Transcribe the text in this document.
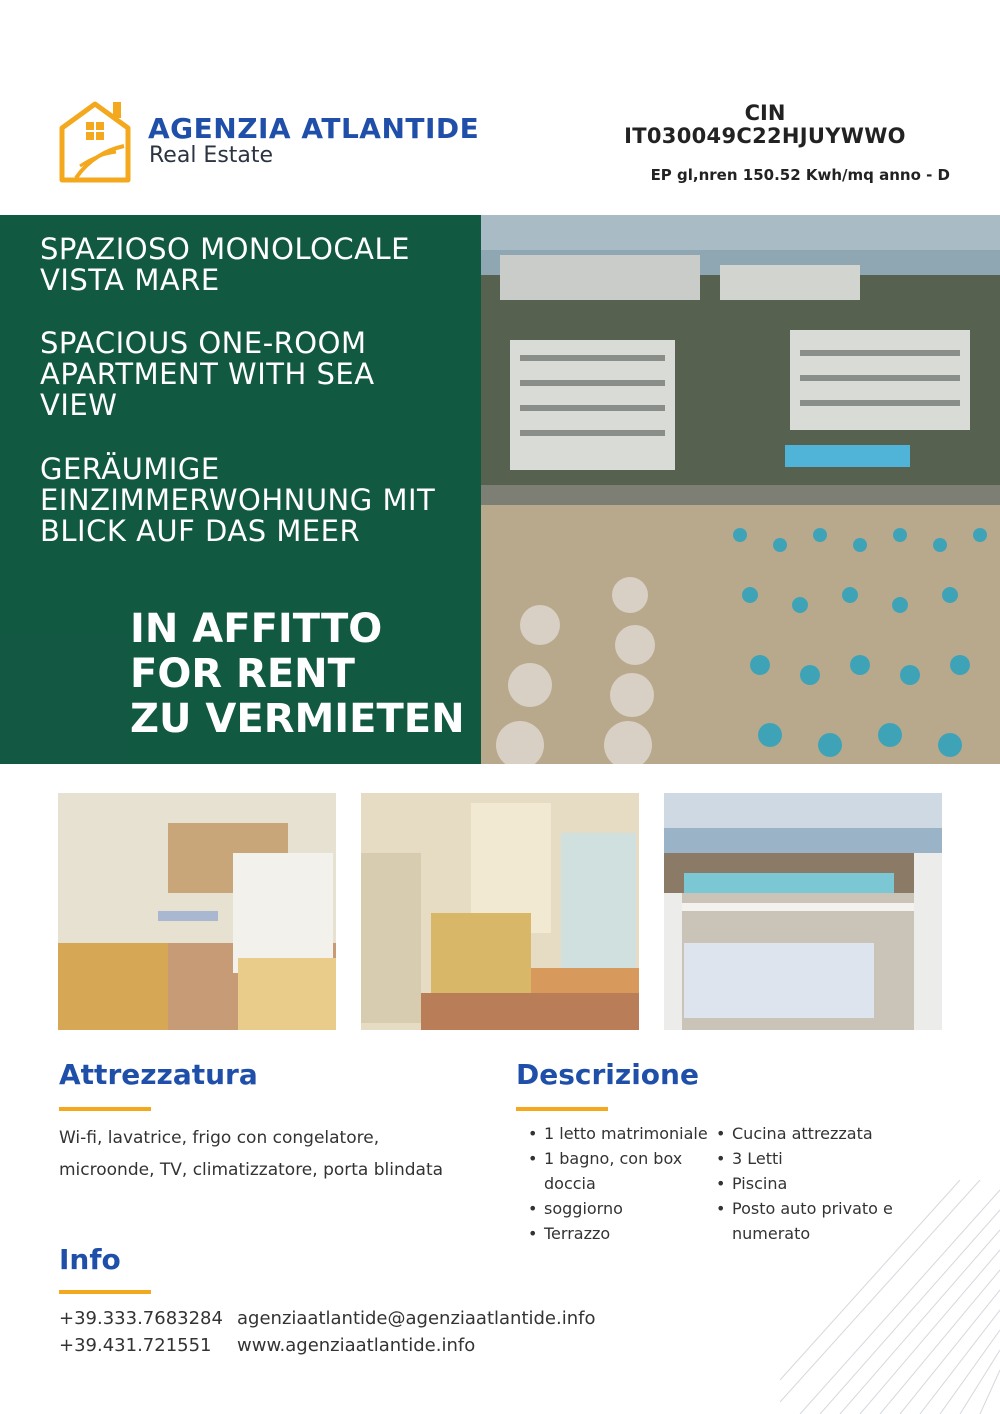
AGENZIA ATLANTIDE
Real Estate
CIN
IT030049C22HJUYWWO
EP gl,nren 150.52 Kwh/mq anno - D
SPAZIOSO MONOLOCALE
VISTA MARE
SPACIOUS ONE-ROOM
APARTMENT WITH SEA
VIEW
GERÄUMIGE
EINZIMMERWOHNUNG MIT
BLICK AUF DAS MEER
IN AFFITTO
FOR RENT
ZU VERMIETEN
Attrezzatura
Wi-fi, lavatrice, frigo con congelatore, microonde, TV, climatizzatore, porta blindata
Descrizione
• 1 letto matrimoniale
• 1 bagno, con box doccia
• soggiorno
• Terrazzo
• Cucina attrezzata
• 3 Letti
• Piscina
• Posto auto privato e numerato
Info
+39.333.7683284
+39.431.721551
agenziaatlantide@agenziaatlantide.info
www.agenziaatlantide.info
